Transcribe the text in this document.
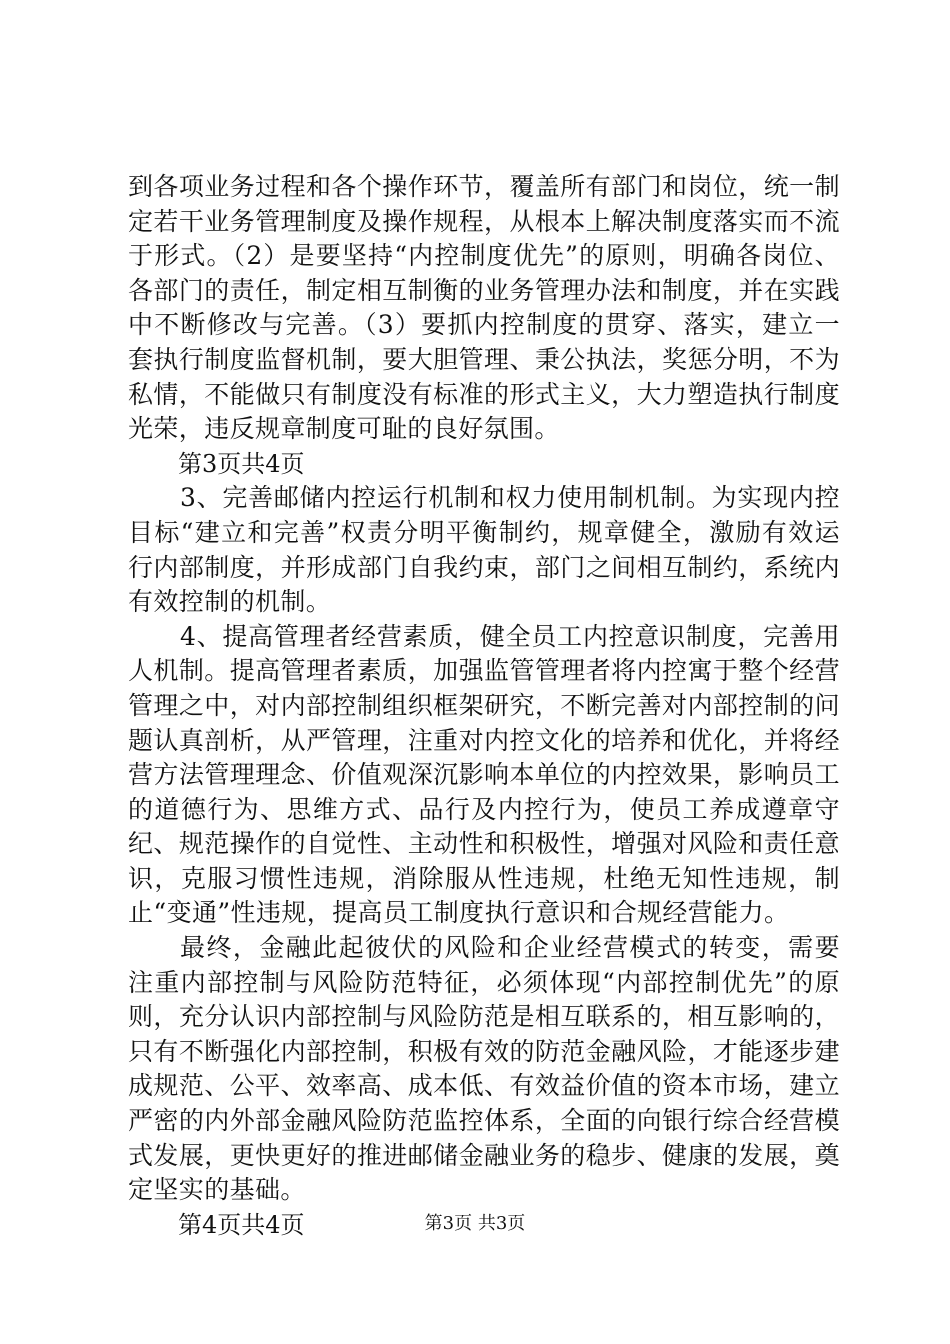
到各项业务过程和各个操作环节，覆盖所有部门和岗位，统一制定若干业务管理制度及操作规程，从根本上解决制度落实而不流于形式。（2）是要坚持“内控制度优先”的原则，明确各岗位、各部门的责任，制定相互制衡的业务管理办法和制度，并在实践中不断修改与完善。（3）要抓内控制度的贯穿、落实，建立一套执行制度监督机制，要大胆管理、秉公执法，奖惩分明，不为私情，不能做只有制度没有标准的形式主义，大力塑造执行制度光荣，违反规章制度可耻的良好氛围。

第3页共4页

3、完善邮储内控运行机制和权力使用制机制。为实现内控目标“建立和完善”权责分明平衡制约，规章健全，激励有效运行内部制度，并形成部门自我约束，部门之间相互制约，系统内有效控制的机制。

4、提高管理者经营素质，健全员工内控意识制度，完善用人机制。提高管理者素质，加强监管管理者将内控寓于整个经营管理之中，对内部控制组织框架研究，不断完善对内部控制的问题认真剖析，从严管理，注重对内控文化的培养和优化，并将经营方法管理理念、价值观深沉影响本单位的内控效果，影响员工的道德行为、思维方式、品行及内控行为，使员工养成遵章守纪、规范操作的自觉性、主动性和积极性，增强对风险和责任意识，克服习惯性违规，消除服从性违规，杜绝无知性违规，制止“变通”性违规，提高员工制度执行意识和合规经营能力。

最终，金融此起彼伏的风险和企业经营模式的转变，需要注重内部控制与风险防范特征，必须体现“内部控制优先”的原则，充分认识内部控制与风险防范是相互联系的，相互影响的，只有不断强化内部控制，积极有效的防范金融风险，才能逐步建成规范、公平、效率高、成本低、有效益价值的资本市场，建立严密的内外部金融风险防范监控体系，全面的向银行综合经营模式发展，更快更好的推进邮储金融业务的稳步、健康的发展，奠定坚实的基础。

第4页共4页	第3页 共3页
